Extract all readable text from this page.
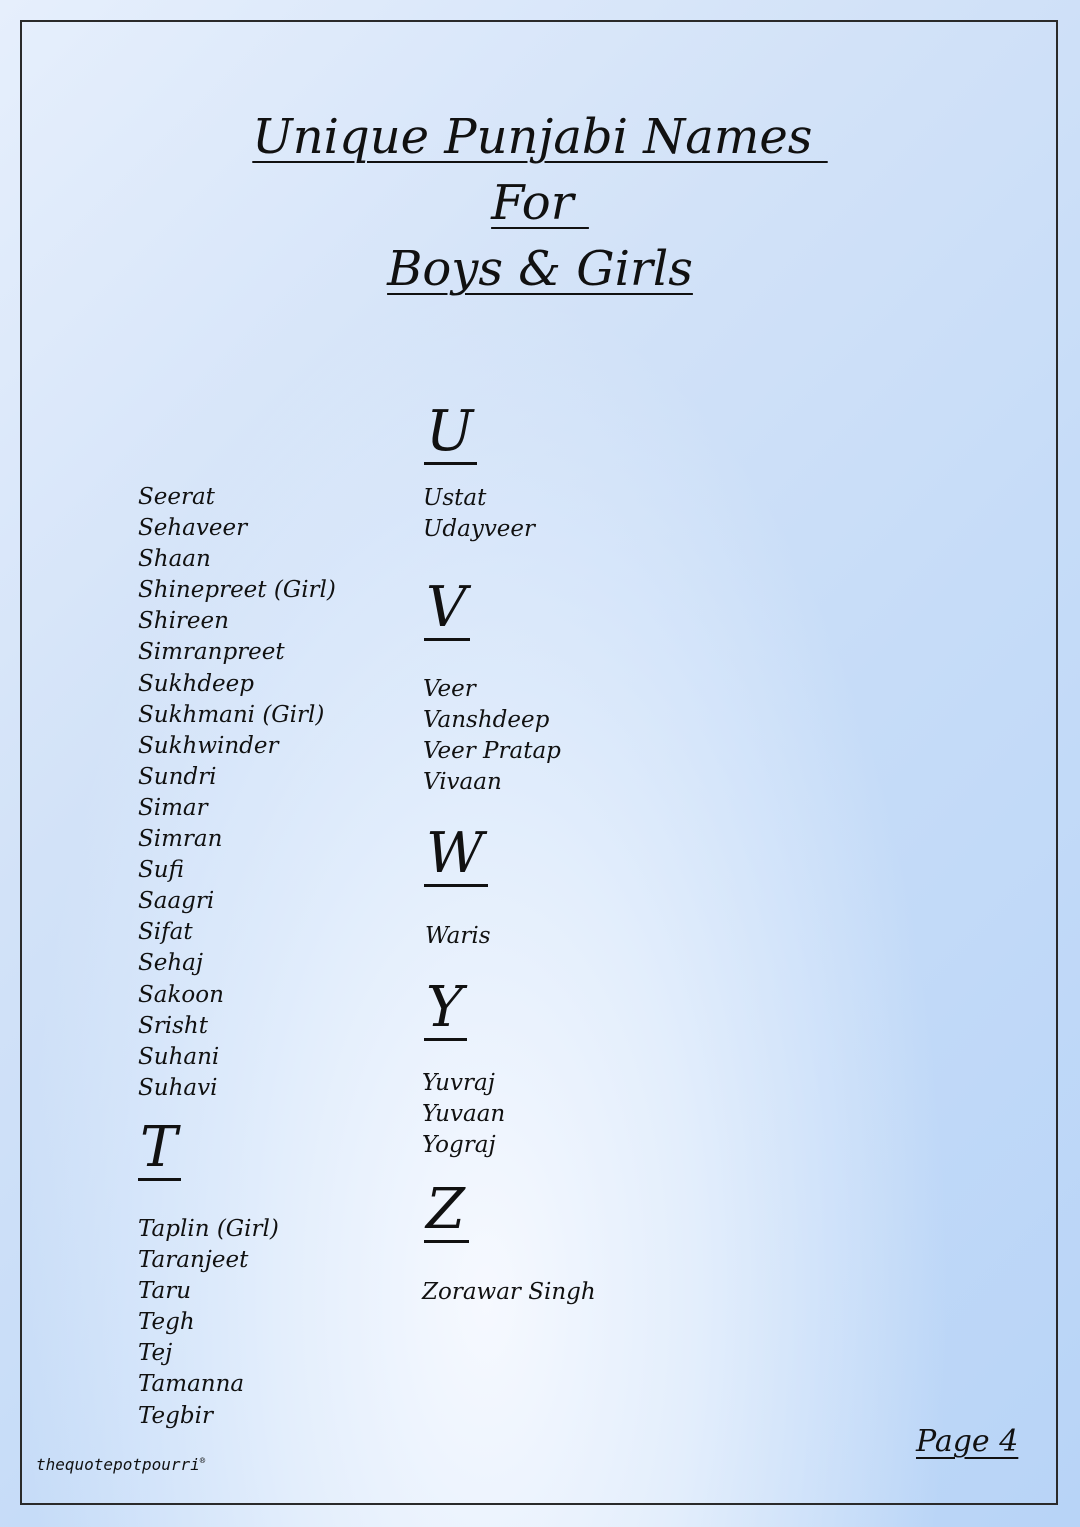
Unique Punjabi Names
For
Boys & Girls
Seerat
Sehaveer
Shaan
Shinepreet (Girl)
Shireen
Simranpreet
Sukhdeep
Sukhmani (Girl)
Sukhwinder
Sundri
Simar
Simran
Sufi
Saagri
Sifat
Sehaj
Sakoon
Srisht
Suhani
Suhavi
T
Taplin (Girl)
Taranjeet
Taru
Tegh
Tej
Tamanna
Tegbir
U
Ustat
Udayveer
V
Veer
Vanshdeep
Veer Pratap
Vivaan
W
Waris
Y
Yuvraj
Yuvaan
Yograj
Z
Zorawar Singh
Page 4
thequotepotpourri®
